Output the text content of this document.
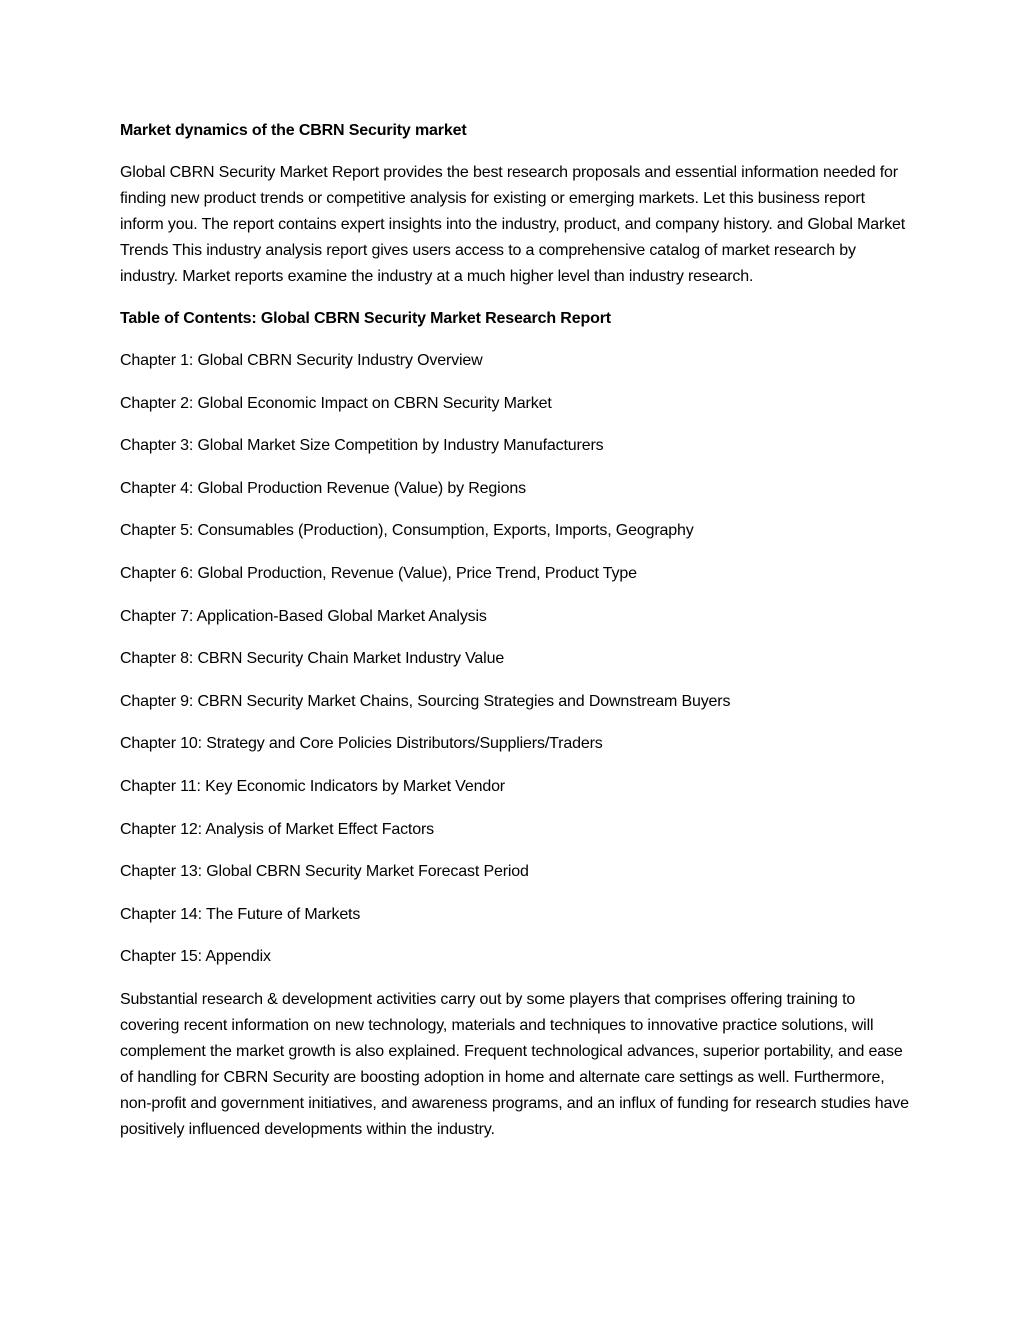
Market dynamics of the CBRN Security market

Global CBRN Security Market Report provides the best research proposals and essential information needed for finding new product trends or competitive analysis for existing or emerging markets. Let this business report inform you. The report contains expert insights into the industry, product, and company history. and Global Market Trends This industry analysis report gives users access to a comprehensive catalog of market research by industry. Market reports examine the industry at a much higher level than industry research.

Table of Contents: Global CBRN Security Market Research Report

Chapter 1: Global CBRN Security Industry Overview
Chapter 2: Global Economic Impact on CBRN Security Market
Chapter 3: Global Market Size Competition by Industry Manufacturers
Chapter 4: Global Production Revenue (Value) by Regions
Chapter 5: Consumables (Production), Consumption, Exports, Imports, Geography
Chapter 6: Global Production, Revenue (Value), Price Trend, Product Type
Chapter 7: Application-Based Global Market Analysis
Chapter 8: CBRN Security Chain Market Industry Value
Chapter 9: CBRN Security Market Chains, Sourcing Strategies and Downstream Buyers
Chapter 10: Strategy and Core Policies Distributors/Suppliers/Traders
Chapter 11: Key Economic Indicators by Market Vendor
Chapter 12: Analysis of Market Effect Factors
Chapter 13: Global CBRN Security Market Forecast Period
Chapter 14: The Future of Markets
Chapter 15: Appendix

Substantial research & development activities carry out by some players that comprises offering training to covering recent information on new technology, materials and techniques to innovative practice solutions, will complement the market growth is also explained. Frequent technological advances, superior portability, and ease of handling for CBRN Security are boosting adoption in home and alternate care settings as well. Furthermore, non-profit and government initiatives, and awareness programs, and an influx of funding for research studies have positively influenced developments within the industry.
